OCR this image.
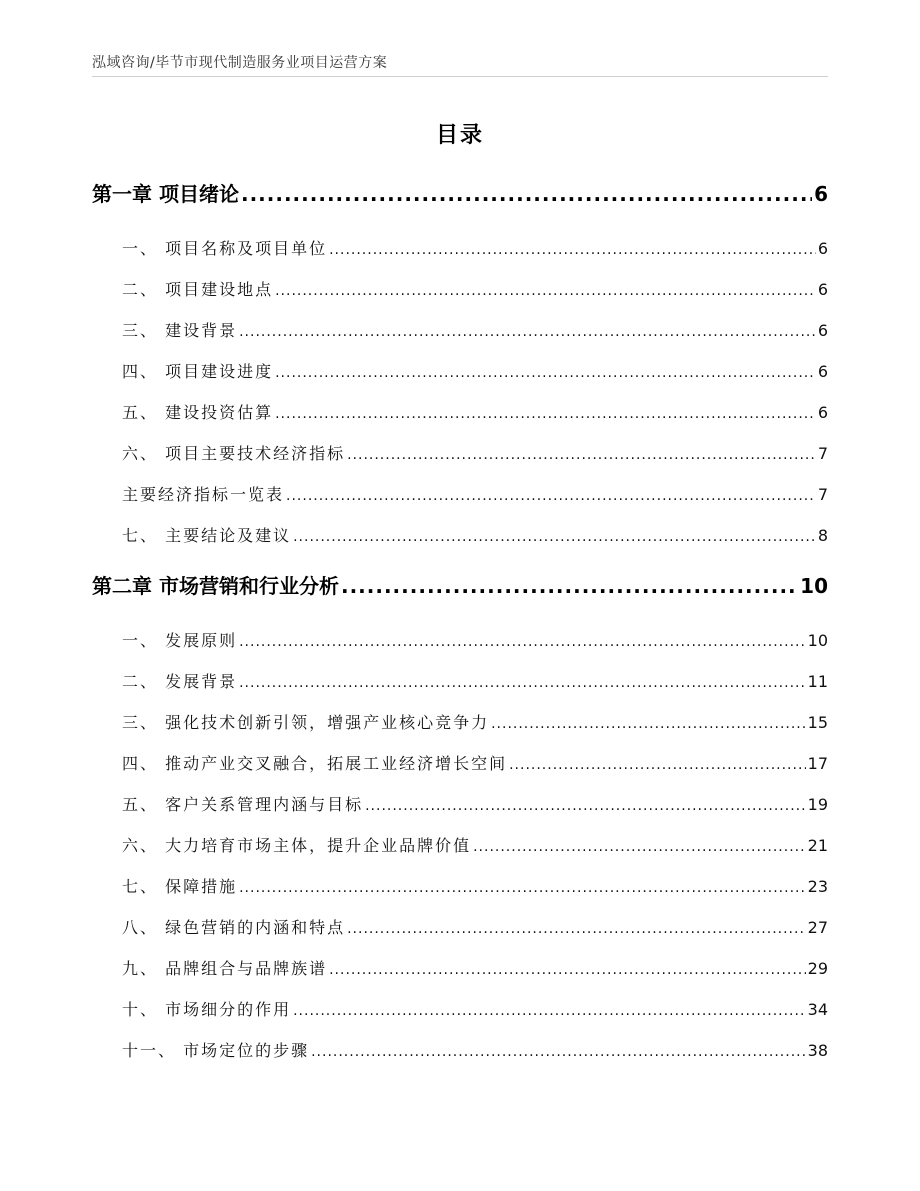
泓域咨询/毕节市现代制造服务业项目运营方案
目录
第一章 项目绪论 .....	6
一、 项目名称及项目单位 .....	6
二、 项目建设地点 .....	6
三、 建设背景 .....	6
四、 项目建设进度 .....	6
五、 建设投资估算 .....	6
六、 项目主要技术经济指标 .....	7
主要经济指标一览表 .....	7
七、 主要结论及建议 .....	8
第二章 市场营销和行业分析 .....	10
一、 发展原则 .....	10
二、 发展背景 .....	11
三、 强化技术创新引领，增强产业核心竞争力 .....	15
四、 推动产业交叉融合，拓展工业经济增长空间 .....	17
五、 客户关系管理内涵与目标 .....	19
六、 大力培育市场主体，提升企业品牌价值 .....	21
七、 保障措施 .....	23
八、 绿色营销的内涵和特点 .....	27
九、 品牌组合与品牌族谱 .....	29
十、 市场细分的作用 .....	34
十一、 市场定位的步骤 .....	38
